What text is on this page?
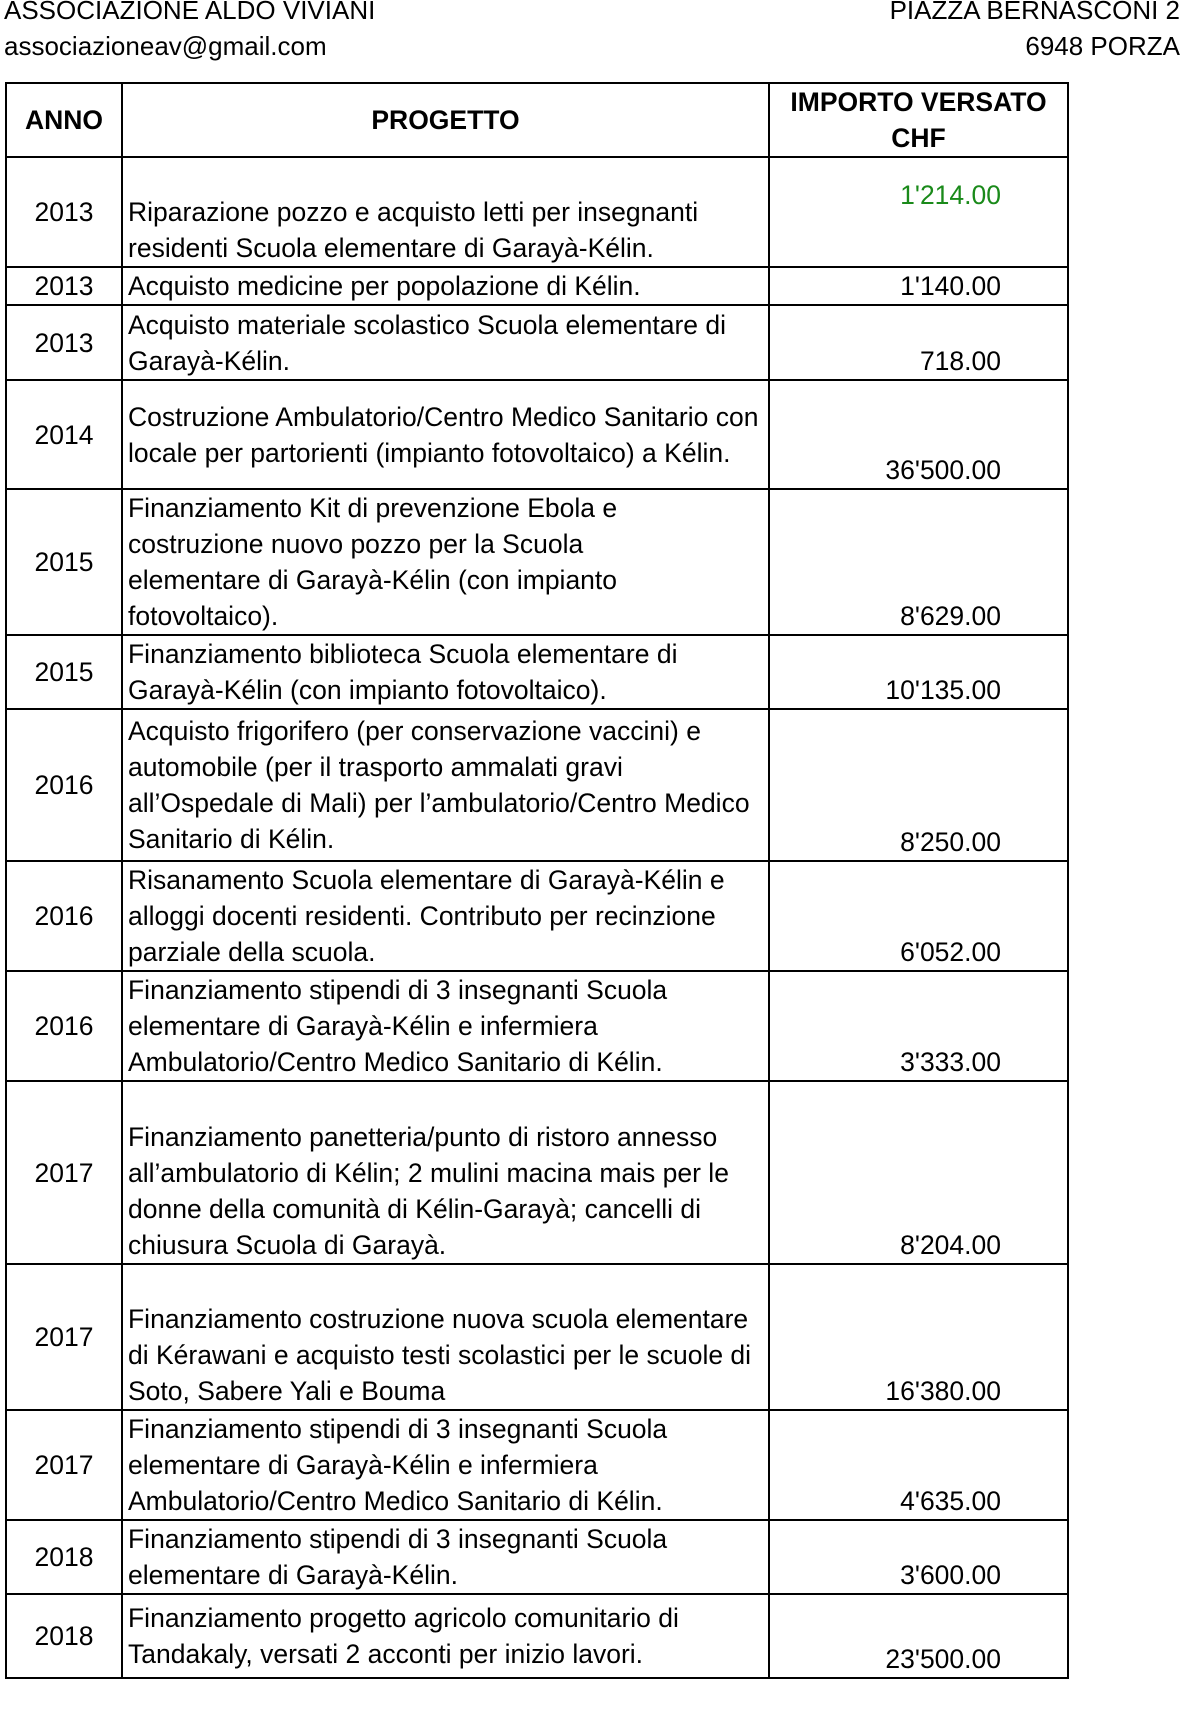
ASSOCIAZIONE ALDO VIVIANI
associazioneav@gmail.com
PIAZZA BERNASCONI 2
6948 PORZA
ANNO	PROGETTO	IMPORTO VERSATO
CHF

2013	Riparazione pozzo e acquisto letti per insegnanti residenti Scuola elementare di Garayà-Kélin.	1'214.00
2013	Acquisto medicine per popolazione di Kélin.	1'140.00
2013	Acquisto materiale scolastico Scuola elementare di Garayà-Kélin.	718.00
2014	Costruzione Ambulatorio/Centro Medico Sanitario con locale per partorienti (impianto fotovoltaico) a Kélin.	36'500.00
2015	Finanziamento Kit di prevenzione Ebola e costruzione nuovo pozzo per la Scuola elementare di Garayà-Kélin (con impianto fotovoltaico).	8'629.00
2015	Finanziamento biblioteca Scuola elementare di Garayà-Kélin (con impianto fotovoltaico).	10'135.00
2016	Acquisto frigorifero (per conservazione vaccini) e automobile (per il trasporto ammalati gravi all’Ospedale di Mali) per l’ambulatorio/Centro Medico Sanitario di Kélin.	8'250.00
2016	Risanamento Scuola elementare di Garayà-Kélin e alloggi docenti residenti. Contributo per recinzione parziale della scuola.	6'052.00
2016	Finanziamento stipendi di 3 insegnanti Scuola elementare di Garayà-Kélin e infermiera Ambulatorio/Centro Medico Sanitario di Kélin.	3'333.00
2017	Finanziamento panetteria/punto di ristoro annesso all’ambulatorio di Kélin; 2 mulini macina mais per le donne della comunità di Kélin-Garayà; cancelli di chiusura Scuola di Garayà.	8'204.00
2017	Finanziamento costruzione nuova scuola elementare di Kérawani e acquisto testi scolastici per le scuole di Soto, Sabere Yali e Bouma	16'380.00
2017	Finanziamento stipendi di 3 insegnanti Scuola elementare di Garayà-Kélin e infermiera Ambulatorio/Centro Medico Sanitario di Kélin.	4'635.00
2018	Finanziamento stipendi di 3 insegnanti Scuola elementare di Garayà-Kélin.	3'600.00
2018	Finanziamento progetto agricolo comunitario di Tandakaly, versati 2 acconti per inizio lavori.	23'500.00
